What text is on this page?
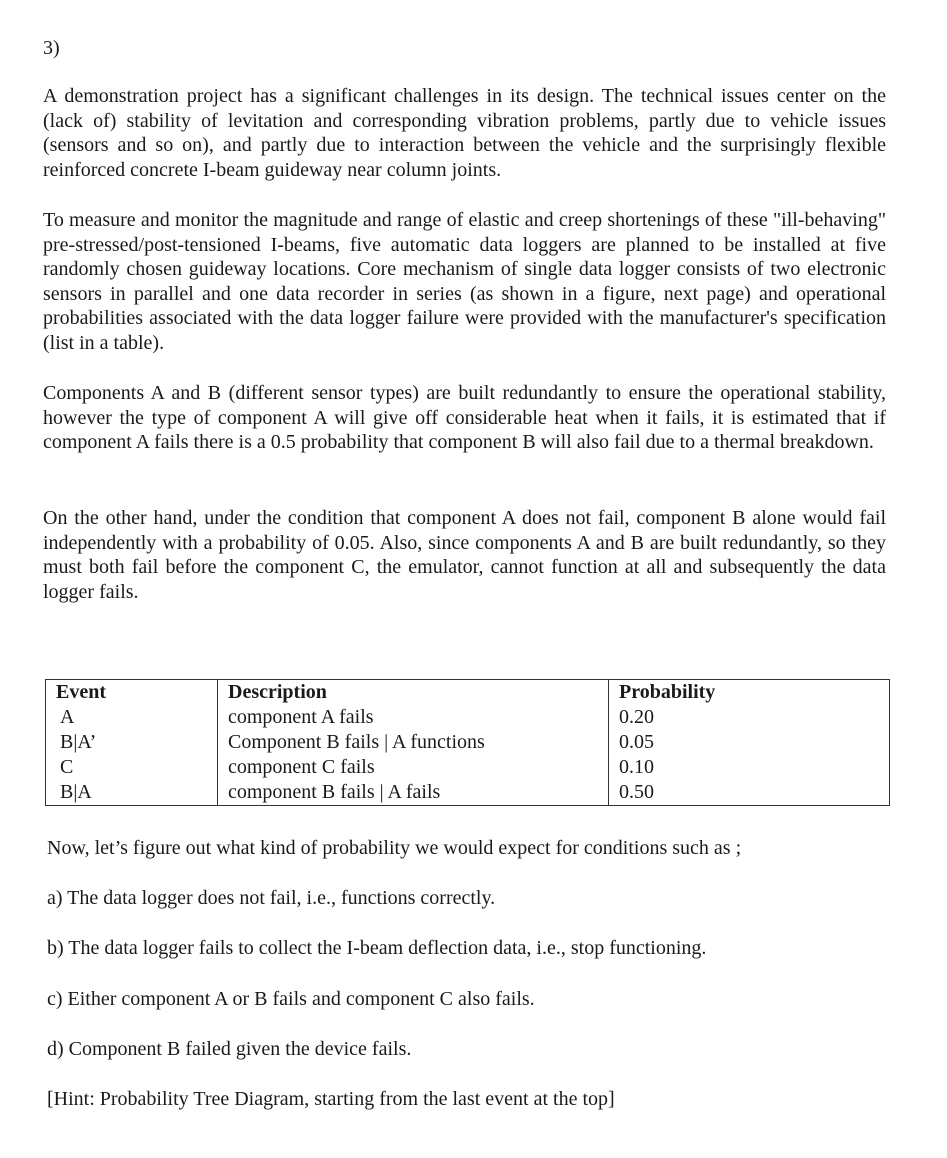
3)

A demonstration project has a significant challenges in its design. The technical issues center on the (lack of) stability of levitation and corresponding vibration problems, partly due to vehicle issues (sensors and so on), and partly due to interaction between the vehicle and the surprisingly flexible reinforced concrete I-beam guideway near column joints.

To measure and monitor the magnitude and range of elastic and creep shortenings of these "ill-behaving" pre-stressed/post-tensioned I-beams, five automatic data loggers are planned to be installed at five randomly chosen guideway locations. Core mechanism of single data logger consists of two electronic sensors in parallel and one data recorder in series (as shown in a figure, next page) and operational probabilities associated with the data logger failure were provided with the manufacturer's specification (list in a table).

Components A and B (different sensor types) are built redundantly to ensure the operational stability, however the type of component A will give off considerable heat when it fails, it is estimated that if component A fails there is a 0.5 probability that component B will also fail due to a thermal breakdown.

On the other hand, under the condition that component A does not fail, component B alone would fail independently with a probability of 0.05. Also, since components A and B are built redundantly, so they must both fail before the component C, the emulator, cannot function at all and subsequently the data logger fails.

Event	Description	Probability
A	component A fails	0.20
B|A’	Component B fails | A functions	0.05
C	component C fails	0.10
B|A	component B fails | A fails	0.50

Now, let’s figure out what kind of probability we would expect for conditions such as ;

a) The data logger does not fail, i.e., functions correctly.

b) The data logger fails to collect the I-beam deflection data, i.e., stop functioning.

c) Either component A or B fails and component C also fails.

d) Component B failed given the device fails.

[Hint: Probability Tree Diagram, starting from the last event at the top]
